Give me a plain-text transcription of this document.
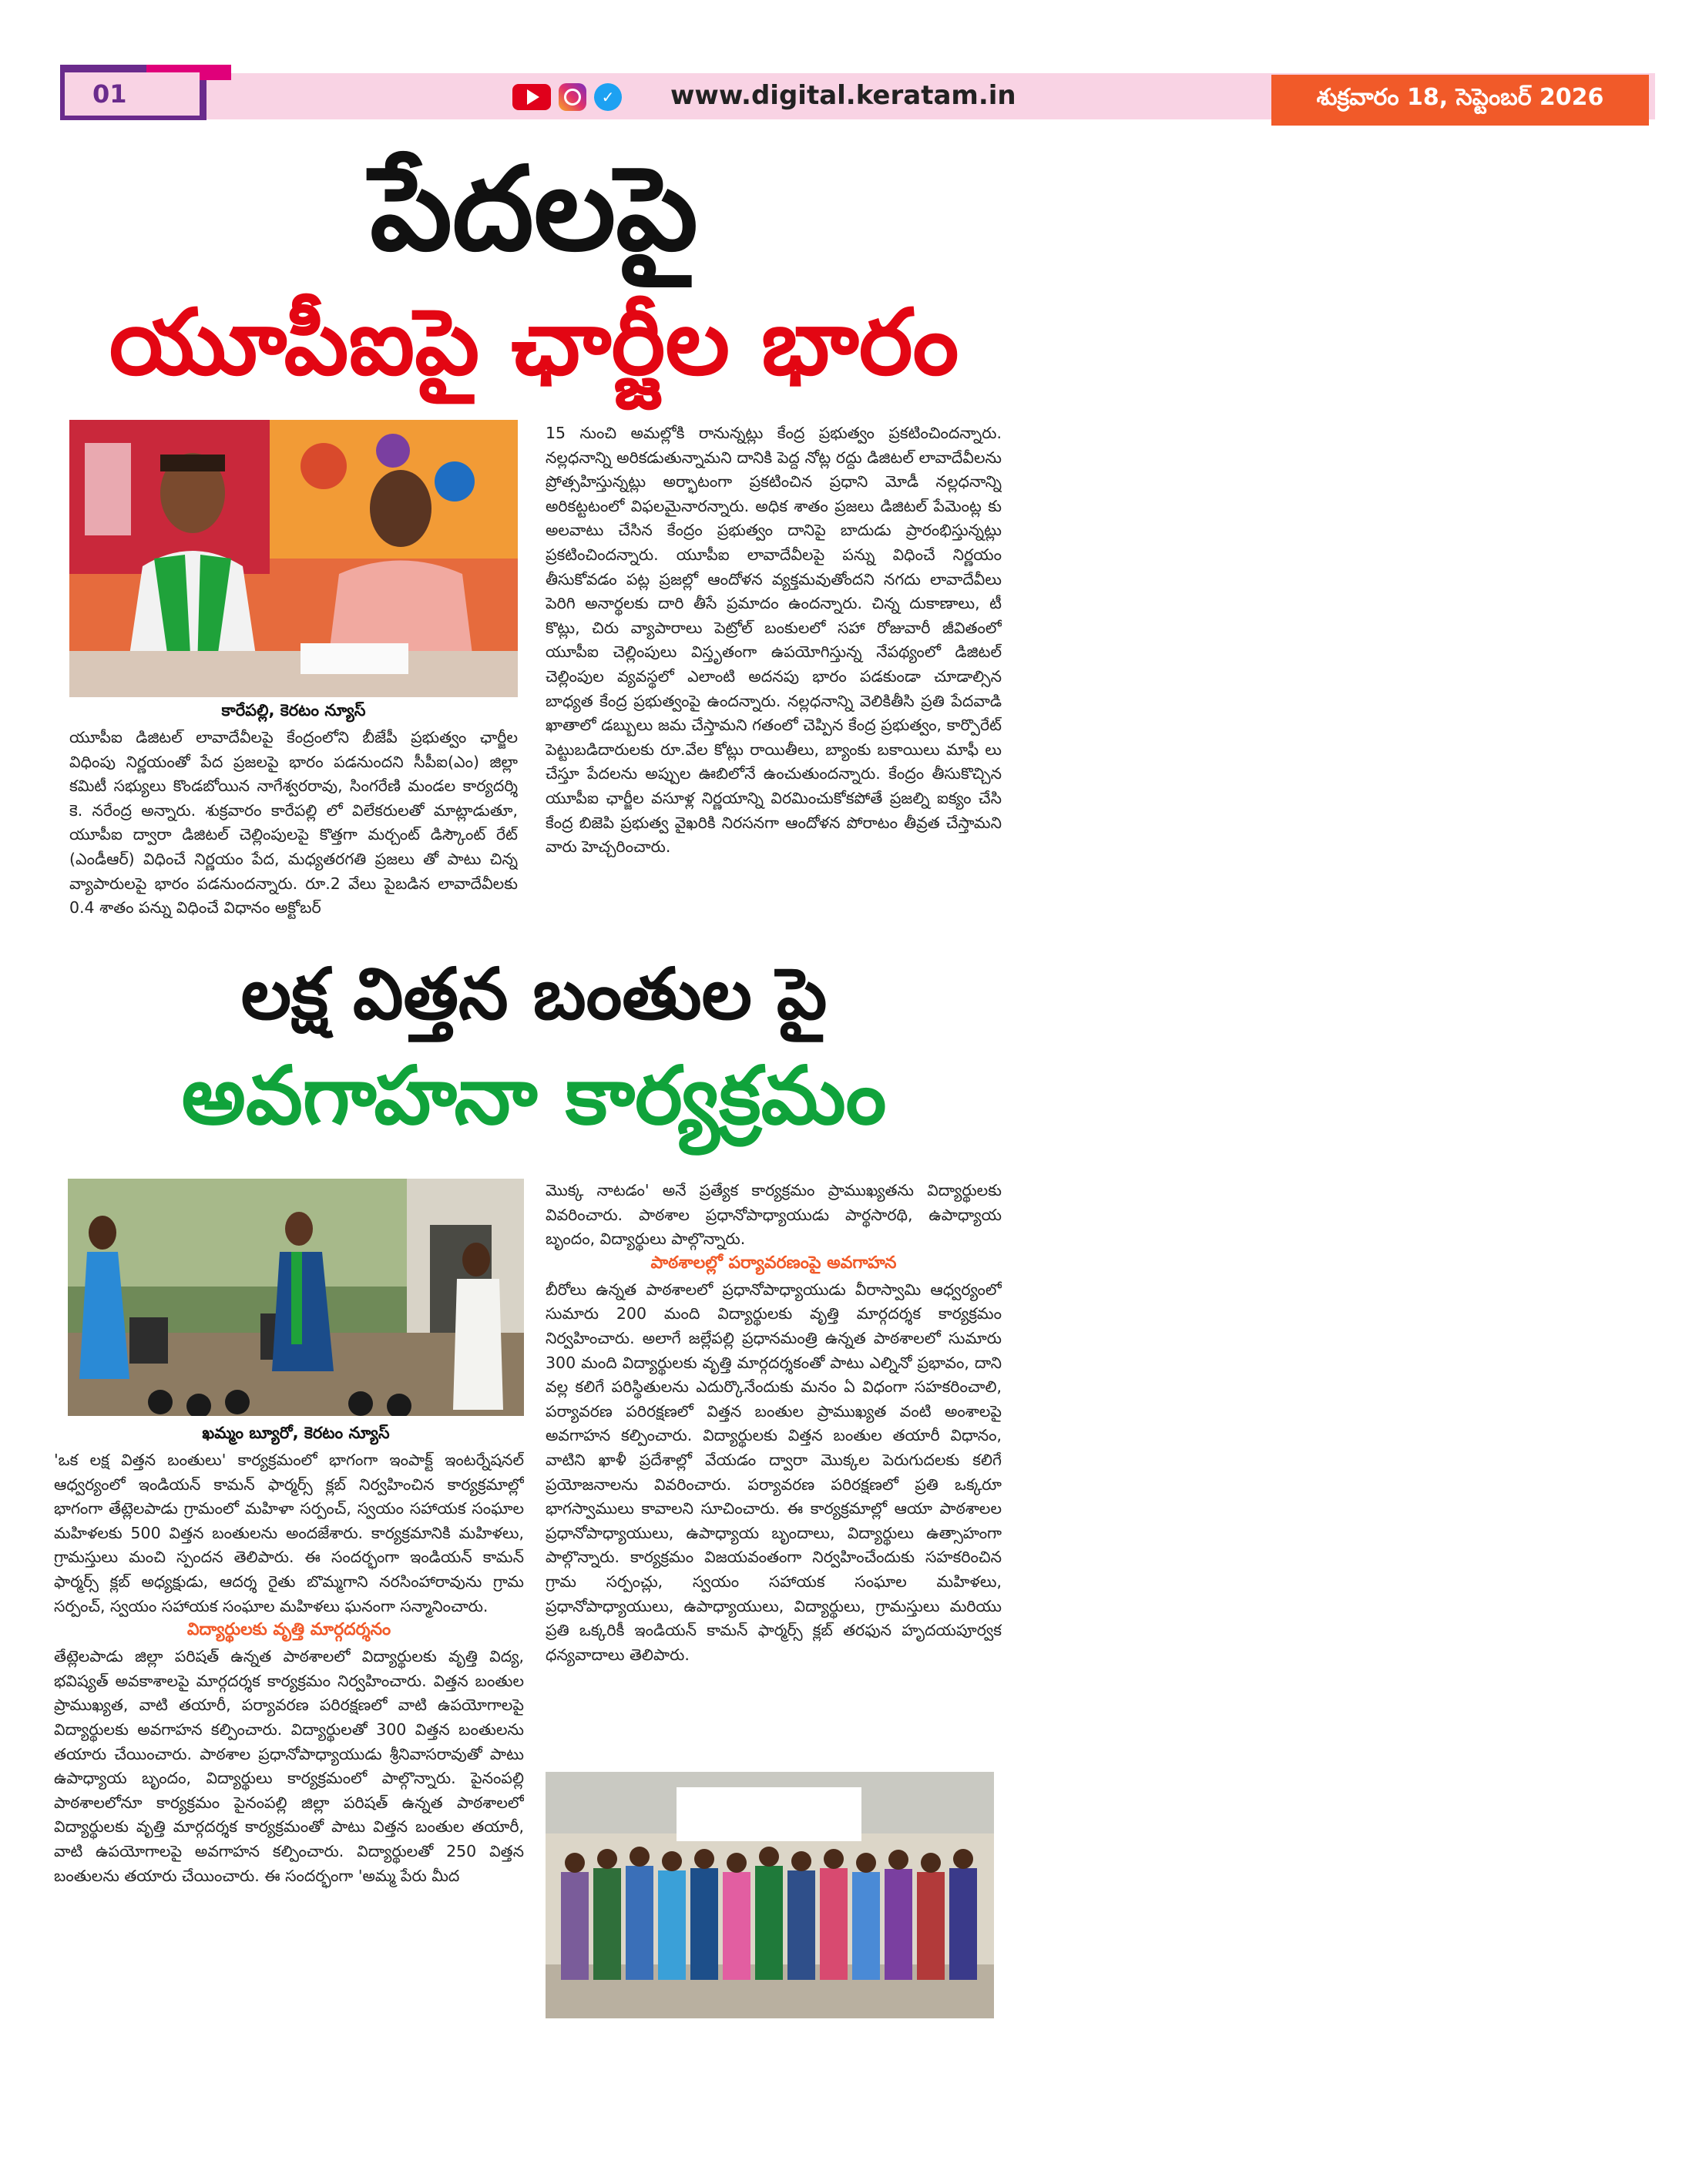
01	✓ www.digital.keratam.in	శుక్రవారం 18, సెప్టెంబర్ 2026
పేదలపై
యూపీఐపై ఛార్జీల భారం
కారేపల్లి, కెరటం న్యూస్
యూపీఐ డిజిటల్ లావాదేవీలపై కేంద్రంలోని బీజేపీ ప్రభుత్వం ఛార్జీల విధింపు నిర్ణయంతో పేద ప్రజలపై భారం పడనుందని సీపీఐ(ఎం) జిల్లా కమిటీ సభ్యులు కొండబోయిన నాగేశ్వరరావు, సింగరేణి మండల కార్యదర్శి కె. నరేంద్ర అన్నారు. శుక్రవారం కారేపల్లి లో విలేకరులతో మాట్లాడుతూ, యూపీఐ ద్వారా డిజిటల్ చెల్లింపులపై కొత్తగా మర్చంట్ డిస్కౌంట్ రేట్ (ఎండీఆర్) విధించే నిర్ణయం పేద, మధ్యతరగతి ప్రజలు తో పాటు చిన్న వ్యాపారులపై భారం పడనుందన్నారు. రూ.2 వేలు పైబడిన లావాదేవీలకు 0.4 శాతం పన్ను విధించే విధానం అక్టోబర్
15 నుంచి అమల్లోకి రానున్నట్లు కేంద్ర ప్రభుత్వం ప్రకటించిందన్నారు. నల్లధనాన్ని అరికడుతున్నామని దానికి పెద్ద నోట్ల రద్దు డిజిటల్ లావాదేవీలను ప్రోత్సహిస్తున్నట్లు అర్భాటంగా ప్రకటించిన ప్రధాని మోడీ నల్లధనాన్ని అరికట్టటంలో విఫలమైనారన్నారు. అధిక శాతం ప్రజలు డిజిటల్ పేమెంట్ల కు అలవాటు చేసిన కేంద్రం ప్రభుత్వం దానిపై బాదుడు ప్రారంభిస్తున్నట్లు ప్రకటించిందన్నారు. యూపీఐ లావాదేవీలపై పన్ను విధించే నిర్ణయం తీసుకోవడం పట్ల ప్రజల్లో ఆందోళన వ్యక్తమవుతోందని నగదు లావాదేవీలు పెరిగి అనార్థలకు దారి తీసే ప్రమాదం ఉందన్నారు. చిన్న దుకాణాలు, టీ కొట్లు, చిరు వ్యాపారాలు పెట్రోల్ బంకులలో సహా రోజువారీ జీవితంలో యూపీఐ చెల్లింపులు విస్తృతంగా ఉపయోగిస్తున్న నేపథ్యంలో డిజిటల్ చెల్లింపుల వ్యవస్థలో ఎలాంటి అదనపు భారం పడకుండా చూడాల్సిన బాధ్యత కేంద్ర ప్రభుత్వంపై ఉందన్నారు. నల్లధనాన్ని వెలికితీసి ప్రతి పేదవాడి ఖాతాలో డబ్బులు జమ చేస్తామని గతంలో చెప్పిన కేంద్ర ప్రభుత్వం, కార్పొరేట్ పెట్టుబడిదారులకు రూ.వేల కోట్లు రాయితీలు, బ్యాంకు బకాయిలు మాఫీ లు చేస్తూ పేదలను అప్పుల ఊబిలోనే ఉంచుతుందన్నారు. కేంద్రం తీసుకొచ్చిన యూపీఐ ఛార్జీల వసూళ్ల నిర్ణయాన్ని విరమించుకోకపోతే ప్రజల్ని ఐక్యం చేసి కేంద్ర బిజెపి ప్రభుత్వ వైఖరికి నిరసనగా ఆందోళన పోరాటం తీవ్రత చేస్తామని వారు హెచ్చరించారు.
లక్ష విత్తన బంతుల పై
అవగాహనా కార్యక్రమం
ఖమ్మం బ్యూరో, కెరటం న్యూస్
'ఒక లక్ష విత్తన బంతులు' కార్యక్రమంలో భాగంగా ఇంపాక్ట్ ఇంటర్నేషనల్ ఆధ్వర్యంలో ఇండియన్ కామన్ ఫార్మర్స్ క్లబ్ నిర్వహించిన కార్యక్రమాల్లో భాగంగా తేట్లెలపాడు గ్రామంలో మహిళా సర్పంచ్, స్వయం సహాయక సంఘాల మహిళలకు 500 విత్తన బంతులను అందజేశారు. కార్యక్రమానికి మహిళలు, గ్రామస్తులు మంచి స్పందన తెలిపారు. ఈ సందర్భంగా ఇండియన్ కామన్ ఫార్మర్స్ క్లబ్ అధ్యక్షుడు, ఆదర్శ రైతు బొమ్మగాని నరసింహారావును గ్రామ సర్పంచ్, స్వయం సహాయక సంఘాల మహిళలు ఘనంగా సన్మానించారు.
విద్యార్థులకు వృత్తి మార్గదర్శనం
తేట్లెలపాడు జిల్లా పరిషత్ ఉన్నత పాఠశాలలో విద్యార్థులకు వృత్తి విద్య, భవిష్యత్ అవకాశాలపై మార్గదర్శక కార్యక్రమం నిర్వహించారు. విత్తన బంతుల ప్రాముఖ్యత, వాటి తయారీ, పర్యావరణ పరిరక్షణలో వాటి ఉపయోగాలపై విద్యార్థులకు అవగాహన కల్పించారు. విద్యార్థులతో 300 విత్తన బంతులను తయారు చేయించారు. పాఠశాల ప్రధానోపాధ్యాయుడు శ్రీనివాసరావుతో పాటు ఉపాధ్యాయ బృందం, విద్యార్థులు కార్యక్రమంలో పాల్గొన్నారు. పైనంపల్లి పాఠశాలలోనూ కార్యక్రమం పైనంపల్లి జిల్లా పరిషత్ ఉన్నత పాఠశాలలో విద్యార్థులకు వృత్తి మార్గదర్శక కార్యక్రమంతో పాటు విత్తన బంతుల తయారీ, వాటి ఉపయోగాలపై అవగాహన కల్పించారు. విద్యార్థులతో 250 విత్తన బంతులను తయారు చేయించారు. ఈ సందర్భంగా 'అమ్మ పేరు మీద
మొక్క నాటడం' అనే ప్రత్యేక కార్యక్రమం ప్రాముఖ్యతను విద్యార్థులకు వివరించారు. పాఠశాల ప్రధానోపాధ్యాయుడు పార్థసారథి, ఉపాధ్యాయ బృందం, విద్యార్థులు పాల్గొన్నారు.
పాఠశాలల్లో పర్యావరణంపై అవగాహన
బీరోలు ఉన్నత పాఠశాలలో ప్రధానోపాధ్యాయుడు వీరాస్వామి ఆధ్వర్యంలో సుమారు 200 మంది విద్యార్థులకు వృత్తి మార్గదర్శక కార్యక్రమం నిర్వహించారు. అలాగే జల్లేపల్లి ప్రధానమంత్రి ఉన్నత పాఠశాలలో సుమారు 300 మంది విద్యార్థులకు వృత్తి మార్గదర్శకంతో పాటు ఎల్నినో ప్రభావం, దాని వల్ల కలిగే పరిస్థితులను ఎదుర్కొనేందుకు మనం ఏ విధంగా సహకరించాలి, పర్యావరణ పరిరక్షణలో విత్తన బంతుల ప్రాముఖ్యత వంటి అంశాలపై అవగాహన కల్పించారు. విద్యార్థులకు విత్తన బంతుల తయారీ విధానం, వాటిని ఖాళీ ప్రదేశాల్లో వేయడం ద్వారా మొక్కల పెరుగుదలకు కలిగే ప్రయోజనాలను వివరించారు. పర్యావరణ పరిరక్షణలో ప్రతి ఒక్కరూ భాగస్వాములు కావాలని సూచించారు. ఈ కార్యక్రమాల్లో ఆయా పాఠశాలల ప్రధానోపాధ్యాయులు, ఉపాధ్యాయ బృందాలు, విద్యార్థులు ఉత్సాహంగా పాల్గొన్నారు. కార్యక్రమం విజయవంతంగా నిర్వహించేందుకు సహకరించిన గ్రామ సర్పంచ్లు, స్వయం సహాయక సంఘాల మహిళలు, ప్రధానోపాధ్యాయులు, ఉపాధ్యాయులు, విద్యార్థులు, గ్రామస్తులు మరియు ప్రతి ఒక్కరికీ ఇండియన్ కామన్ ఫార్మర్స్ క్లబ్ తరఫున హృదయపూర్వక ధన్యవాదాలు తెలిపారు.
